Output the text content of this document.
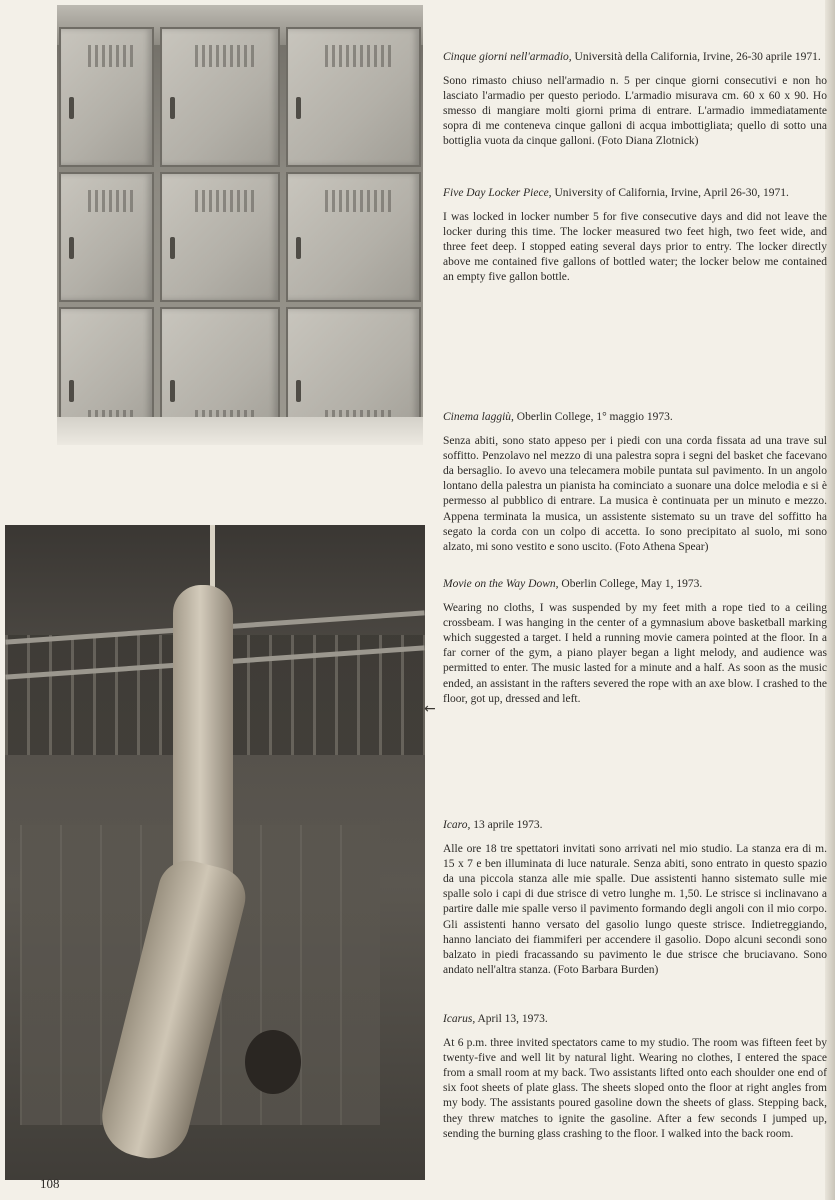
Cinque giorni nell'armadio, Università della California, Irvine, 26-30 aprile 1971.

Sono rimasto chiuso nell'armadio n. 5 per cinque giorni consecutivi e non ho lasciato l'armadio per questo periodo. L'armadio misurava cm. 60 x 60 x 90. Ho smesso di mangiare molti giorni prima di entrare. L'armadio immediatamente sopra di me conteneva cinque galloni di acqua imbottigliata; quello di sotto una bottiglia vuota da cinque galloni. (Foto Diana Zlotnick)

Five Day Locker Piece, University of California, Irvine, April 26-30, 1971.

I was locked in locker number 5 for five consecutive days and did not leave the locker during this time. The locker measured two feet high, two feet wide, and three feet deep. I stopped eating several days prior to entry. The locker directly above me contained five gallons of bottled water; the locker below me contained an empty five gallon bottle.

Cinema laggiù, Oberlin College, 1° maggio 1973.

Senza abiti, sono stato appeso per i piedi con una corda fissata ad una trave sul soffitto. Penzolavo nel mezzo di una palestra sopra i segni del basket che facevano da bersaglio. Io avevo una telecamera mobile puntata sul pavimento. In un angolo lontano della palestra un pianista ha cominciato a suonare una dolce melodia e si è permesso al pubblico di entrare. La musica è continuata per un minuto e mezzo. Appena terminata la musica, un assistente sistemato su un trave del soffitto ha segato la corda con un colpo di accetta. Io sono precipitato al suolo, mi sono alzato, mi sono vestito e sono uscito. (Foto Athena Spear)

Movie on the Way Down, Oberlin College, May 1, 1973.

Wearing no cloths, I was suspended by my feet mith a rope tied to a ceiling crossbeam. I was hanging in the center of a gymnasium above basketball marking which suggested a target. I held a running movie camera pointed at the floor. In a far corner of the gym, a piano player began a light melody, and audience was permitted to enter. The music lasted for a minute and a half. As soon as the music ended, an assistant in the rafters severed the rope with an axe blow. I crashed to the floor, got up, dressed and left.

←

Icaro, 13 aprile 1973.

Alle ore 18 tre spettatori invitati sono arrivati nel mio studio. La stanza era di m. 15 x 7 e ben illuminata di luce naturale. Senza abiti, sono entrato in questo spazio da una piccola stanza alle mie spalle. Due assistenti hanno sistemato sulle mie spalle solo i capi di due strisce di vetro lunghe m. 1,50. Le strisce si inclinavano a partire dalle mie spalle verso il pavimento formando degli angoli con il mio corpo. Gli assistenti hanno versato del gasolio lungo queste strisce. Indietreggiando, hanno lanciato dei fiammiferi per accendere il gasolio. Dopo alcuni secondi sono balzato in piedi fracassando su pavimento le due strisce che bruciavano. Sono andato nell'altra stanza. (Foto Barbara Burden)

Icarus, April 13, 1973.

At 6 p.m. three invited spectators came to my studio. The room was fifteen feet by twenty-five and well lit by natural light. Wearing no clothes, I entered the space from a small room at my back. Two assistants lifted onto each shoulder one end of six foot sheets of plate glass. The sheets sloped onto the floor at right angles from my body. The assistants poured gasoline down the sheets of glass. Stepping back, they threw matches to ignite the gasoline. After a few seconds I jumped up, sending the burning glass crashing to the floor. I walked into the back room.

108
